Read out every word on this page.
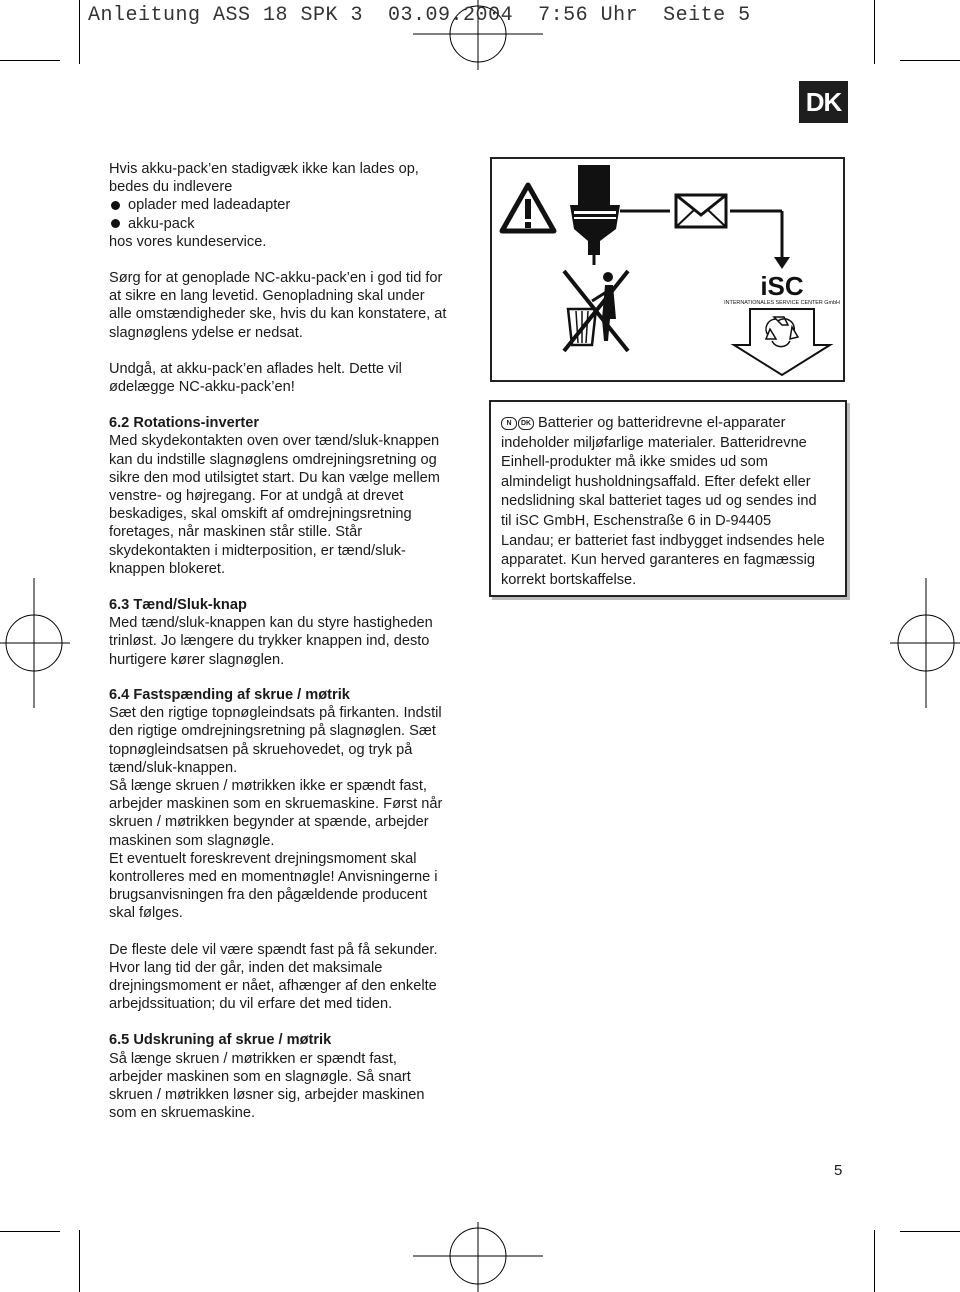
Anleitung ASS 18 SPK 3  03.09.2004  7:56 Uhr  Seite 5
DK

Hvis akku-pack’en stadigvæk ikke kan lades op,

bedes du indlevere

oplader med ladeadapter
akku-pack

hos vores kundeservice.

Sørg for at genoplade NC-akku-pack’en i god tid for

at sikre en lang levetid. Genopladning skal under

alle omstændigheder ske, hvis du kan konstatere, at

slagnøglens ydelse er nedsat.

Undgå, at akku-pack’en aflades helt. Dette vil

ødelægge NC-akku-pack’en!

6.2 Rotations-inverter

Med skydekontakten oven over tænd/sluk-knappen

kan du indstille slagnøglens omdrejningsretning og

sikre den mod utilsigtet start. Du kan vælge mellem

venstre- og højregang. For at undgå at drevet

beskadiges, skal omskift af omdrejningsretning

foretages, når maskinen står stille. Står

skydekontakten i midterposition, er tænd/sluk-

knappen blokeret.

6.3 Tænd/Sluk-knap

Med tænd/sluk-knappen kan du styre hastigheden

trinløst. Jo længere du trykker knappen ind, desto

hurtigere kører slagnøglen.

6.4 Fastspænding af skrue / møtrik

Sæt den rigtige topnøgleindsats på firkanten. Indstil

den rigtige omdrejningsretning på slagnøglen. Sæt

topnøgleindsatsen på skruehovedet, og tryk på

tænd/sluk-knappen.

Så længe skruen / møtrikken ikke er spændt fast,

arbejder maskinen som en skruemaskine. Først når

skruen / møtrikken begynder at spænde, arbejder

maskinen som slagnøgle.

Et eventuelt foreskrevent drejningsmoment skal

kontrolleres med en momentnøgle! Anvisningerne i

brugsanvisningen fra den pågældende producent

skal følges.

De fleste dele vil være spændt fast på få sekunder.

Hvor lang tid der går, inden det maksimale

drejningsmoment er nået, afhænger af den enkelte

arbejdssituation; du vil erfare det med tiden.

6.5 Udskruning af skrue / møtrik

Så længe skruen / møtrikken er spændt fast,

arbejder maskinen som en slagnøgle. Så snart

skruen / møtrikken løsner sig, arbejder maskinen

som en skruemaskine.

iSC
INTERNATIONALES SERVICE CENTER GmbH
N	DK Batterier og batteridrevne el-apparater
indeholder miljøfarlige materialer. Batteridrevne
Einhell-produkter må ikke smides ud som
almindeligt husholdningsaffald. Efter defekt eller
nedslidning skal batteriet tages ud og sendes ind
til iSC GmbH, Eschenstraße 6 in D-94405
Landau; er batteriet fast indbygget indsendes hele
apparatet. Kun herved garanteres en fagmæssig
korrekt bortskaffelse.
5
